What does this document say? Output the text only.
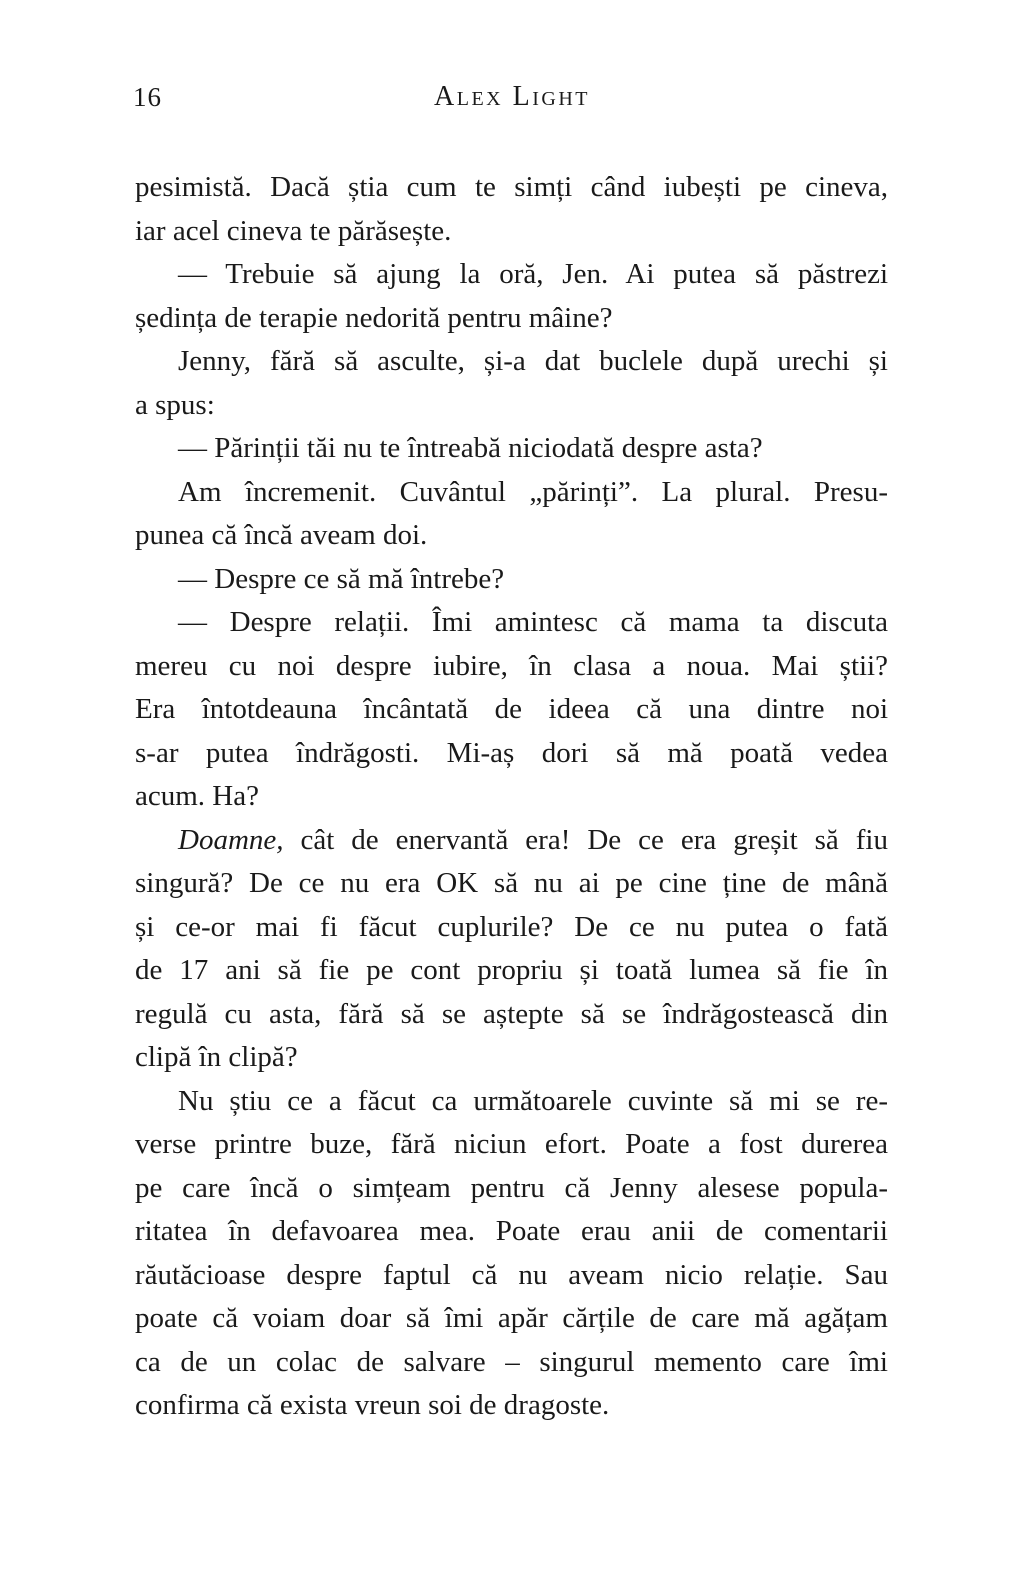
16	Alex Light
pesimistă. Dacă știa cum te simți când iubești pe cineva,
iar acel cineva te părăsește.
— Trebuie să ajung la oră, Jen. Ai putea să păstrezi
ședința de terapie nedorită pentru mâine?
Jenny, fără să asculte, și-a dat buclele după urechi și
a spus:
— Părinții tăi nu te întreabă niciodată despre asta?
Am încremenit. Cuvântul „părinți”. La plural. Presu-
punea că încă aveam doi.
— Despre ce să mă întrebe?
— Despre relații. Îmi amintesc că mama ta discuta
mereu cu noi despre iubire, în clasa a noua. Mai știi?
Era întotdeauna încântată de ideea că una dintre noi
s-ar putea îndrăgosti. Mi-aș dori să mă poată vedea
acum. Ha?
Doamne, cât de enervantă era! De ce era greșit să fiu
singură? De ce nu era OK să nu ai pe cine ține de mână
și ce-or mai fi făcut cuplurile? De ce nu putea o fată
de 17 ani să fie pe cont propriu și toată lumea să fie în
regulă cu asta, fără să se aștepte să se îndrăgostească din
clipă în clipă?
Nu știu ce a făcut ca următoarele cuvinte să mi se re-
verse printre buze, fără niciun efort. Poate a fost durerea
pe care încă o simțeam pentru că Jenny alesese popula-
ritatea în defavoarea mea. Poate erau anii de comentarii
răutăcioase despre faptul că nu aveam nicio relație. Sau
poate că voiam doar să îmi apăr cărțile de care mă agățam
ca de un colac de salvare – singurul memento care îmi
confirma că exista vreun soi de dragoste.
